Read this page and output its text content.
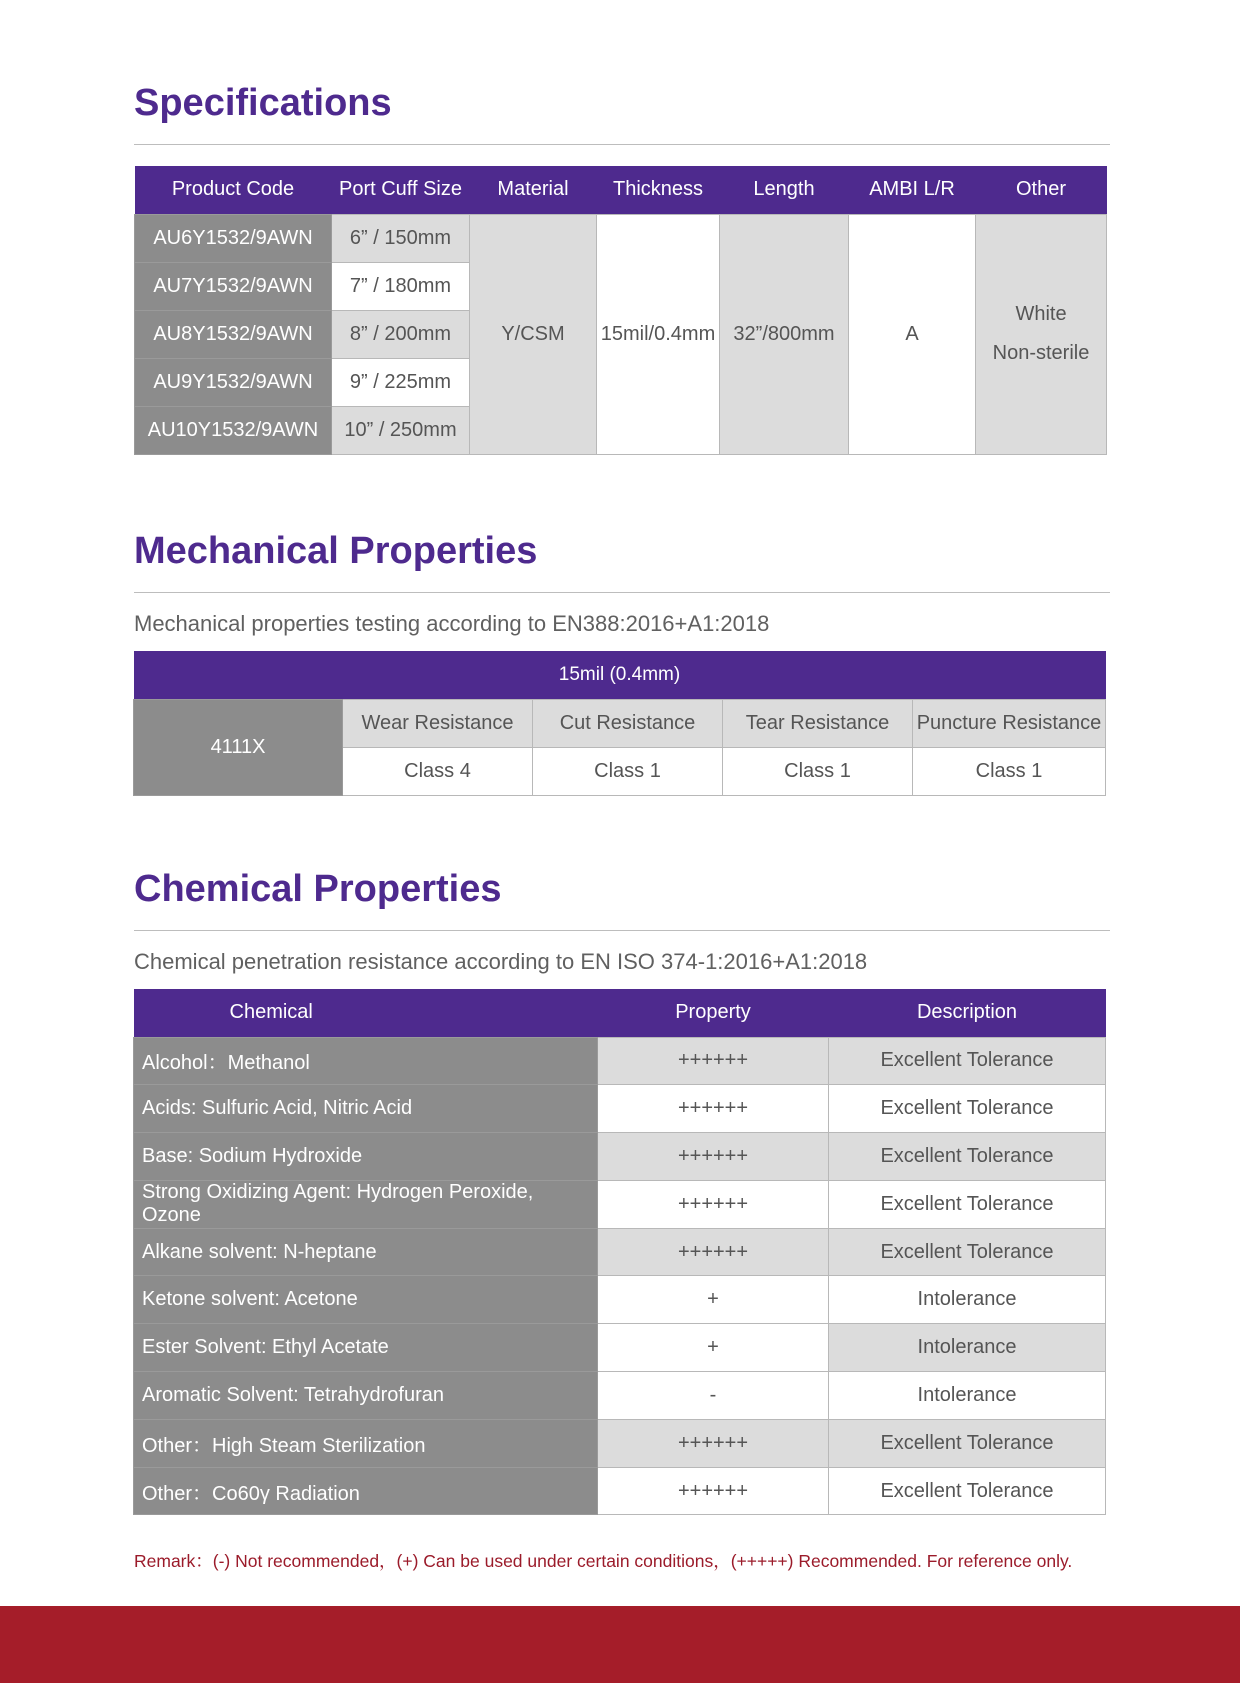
Specifications
Product Code	Port Cuff Size	Material	Thickness	Length	AMBI L/R	Other
AU6Y1532/9AWN	6” / 150mm	Y/CSM	15mil/0.4mm	32”/800mm	A	White
Non-sterile

AU7Y1532/9AWN	7” / 180mm					
AU8Y1532/9AWN	8” / 200mm					
AU9Y1532/9AWN	9” / 225mm					
AU10Y1532/9AWN	10” / 250mm					
Mechanical Properties
Mechanical properties testing according to EN388:2016+A1:2018
15mil (0.4mm)				
4111X	Wear Resistance	Cut Resistance	Tear Resistance	Puncture Resistance
	Class 4	Class 1	Class 1	Class 1
Chemical Properties
Chemical penetration resistance according to EN ISO 374-1:2016+A1:2018
Chemical	Property	Description
Alcohol：Methanol	++++++	Excellent Tolerance
Acids: Sulfuric Acid, Nitric Acid	++++++	Excellent Tolerance
Base: Sodium Hydroxide	++++++	Excellent Tolerance
Strong Oxidizing Agent: Hydrogen Peroxide, Ozone	++++++	Excellent Tolerance
Alkane solvent: N-heptane	++++++	Excellent Tolerance
Ketone solvent: Acetone	+	Intolerance
Ester Solvent: Ethyl Acetate	+	Intolerance
Aromatic Solvent: Tetrahydrofuran	-	Intolerance
Other：High Steam Sterilization	++++++	Excellent Tolerance
Other：Co60γ Radiation	++++++	Excellent Tolerance
Remark：(-) Not recommended，(+) Can be used under certain conditions，(+++++) Recommended. For reference only.
